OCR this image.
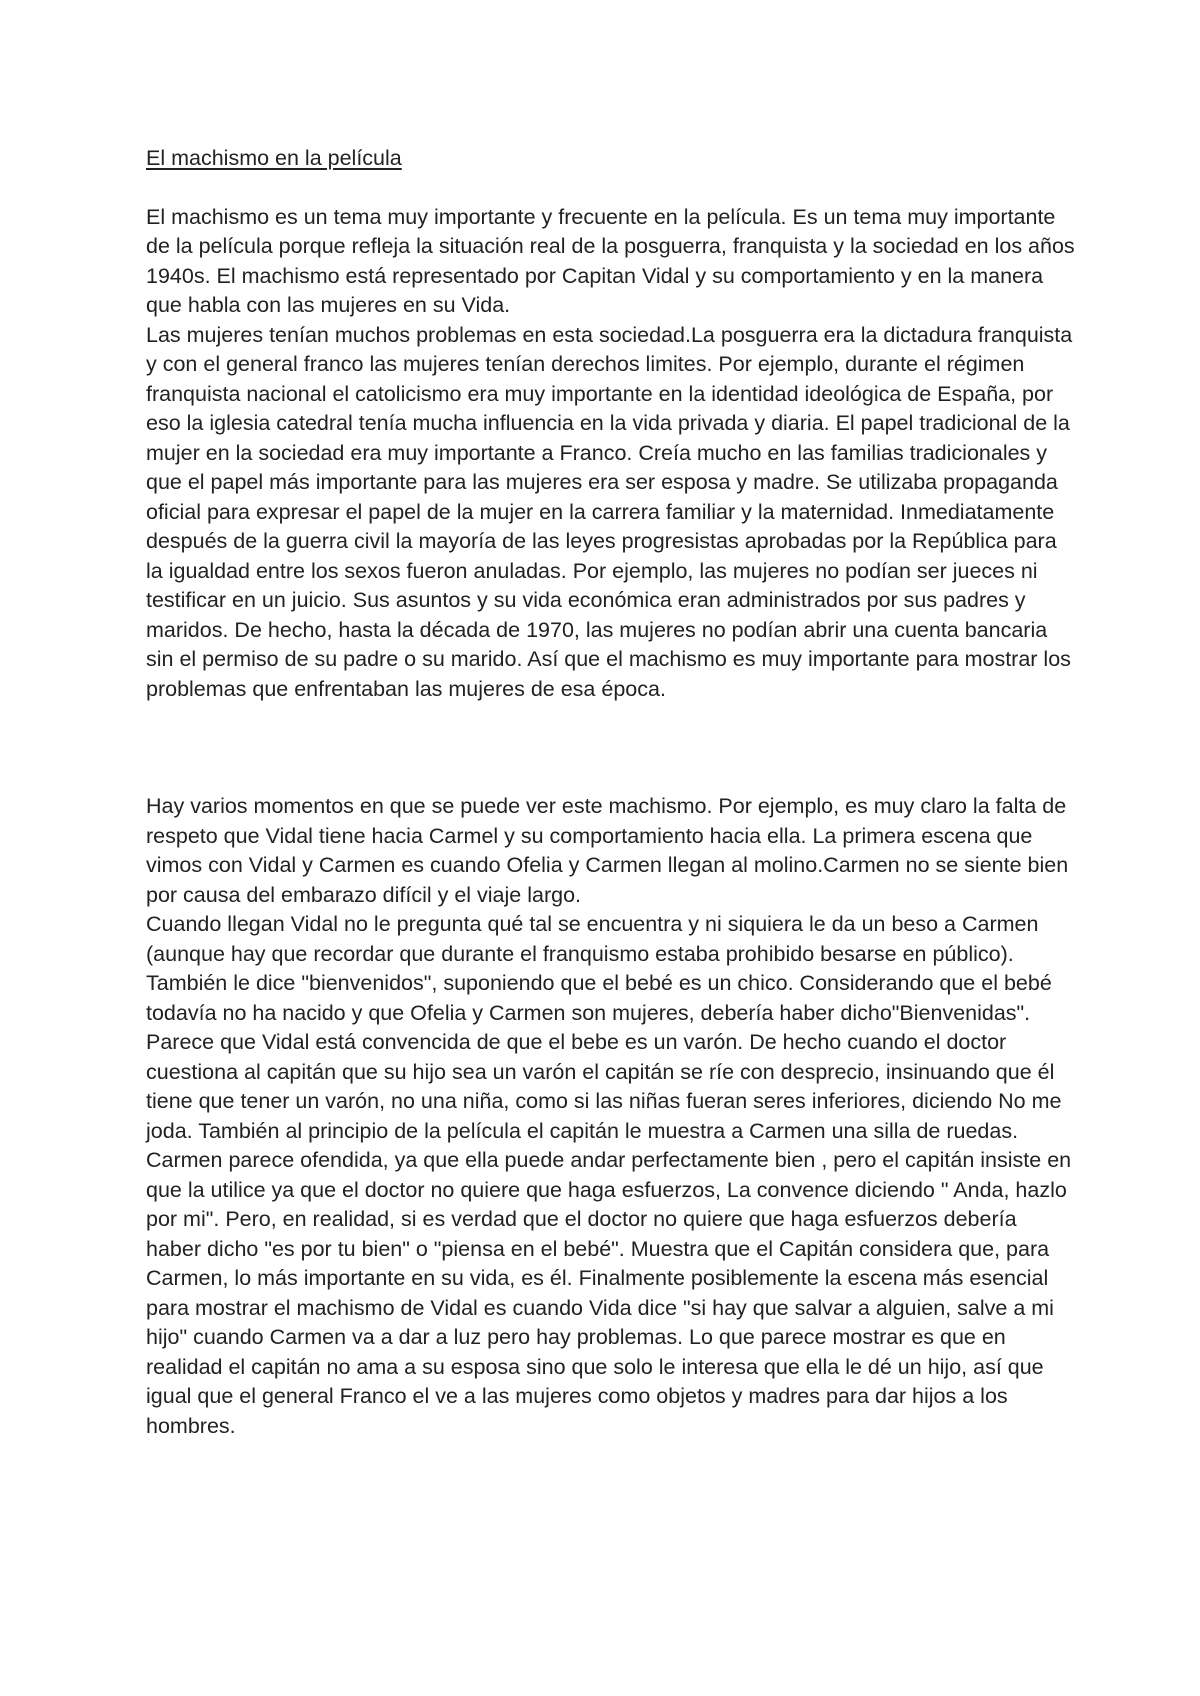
El machismo en la película

El machismo es un tema muy importante y frecuente en la película. Es un tema muy importante de la película porque refleja la situación real de la posguerra, franquista y la sociedad en los años 1940s. El machismo está representado por Capitan Vidal y su comportamiento y en la manera que habla con las mujeres en su Vida.

Las mujeres tenían muchos problemas en esta sociedad.La posguerra era la dictadura franquista y con el general franco las mujeres tenían derechos limites. Por ejemplo, durante el régimen franquista nacional el catolicismo era muy importante en la identidad ideológica de España, por eso la iglesia catedral tenía mucha influencia en la vida privada y diaria. El papel tradicional de la mujer en la sociedad era muy importante a Franco. Creía mucho en las familias tradicionales y que el papel más importante para las mujeres era ser esposa y madre. Se utilizaba propaganda oficial para expresar el papel de la mujer en la carrera familiar y la maternidad. Inmediatamente después de la guerra civil la mayoría de las leyes progresistas aprobadas por la República para la igualdad entre los sexos fueron anuladas. Por ejemplo, las mujeres no podían ser jueces ni testificar en un juicio. Sus asuntos y su vida económica eran administrados por sus padres y maridos. De hecho, hasta la década de 1970, las mujeres no podían abrir una cuenta bancaria sin el permiso de su padre o su marido. Así que el machismo es muy importante para mostrar los problemas que enfrentaban las mujeres de esa época.

Hay varios momentos en que se puede ver este machismo. Por ejemplo, es muy claro la falta de respeto que Vidal tiene hacia Carmel y su comportamiento hacia ella. La primera escena que vimos con Vidal y Carmen es cuando Ofelia y Carmen llegan al molino.Carmen no se siente bien por causa del embarazo difícil y el viaje largo.

Cuando llegan Vidal no le pregunta qué tal se encuentra y ni siquiera le da un beso a Carmen (aunque hay que recordar que durante el franquismo estaba prohibido besarse en público). También le dice "bienvenidos", suponiendo que el bebé es un chico. Considerando que el bebé todavía no ha nacido y que Ofelia y Carmen son mujeres, debería haber dicho"Bienvenidas". Parece que Vidal está convencida de que el bebe es un varón. De hecho cuando el doctor cuestiona al capitán que su hijo sea un varón el capitán se ríe con desprecio, insinuando que él tiene que tener un varón, no una niña, como si las niñas fueran seres inferiores, diciendo No me joda. También al principio de la película el capitán le muestra a Carmen una silla de ruedas. Carmen parece ofendida, ya que ella puede andar perfectamente bien , pero el capitán insiste en que la utilice ya que el doctor no quiere que haga esfuerzos, La convence diciendo " Anda, hazlo por mi". Pero, en realidad, si es verdad que el doctor no quiere que haga esfuerzos debería haber dicho "es por tu bien" o "piensa en el bebé". Muestra que el Capitán considera que, para Carmen, lo más importante en su vida, es él. Finalmente posiblemente la escena más esencial para mostrar el machismo de Vidal es cuando Vida dice "si hay que salvar a alguien, salve a mi hijo" cuando Carmen va a dar a luz pero hay problemas. Lo que parece mostrar es que en realidad el capitán no ama a su esposa sino que solo le interesa que ella le dé un hijo, así que igual que el general Franco el ve a las mujeres como objetos y madres para dar hijos a los hombres.
